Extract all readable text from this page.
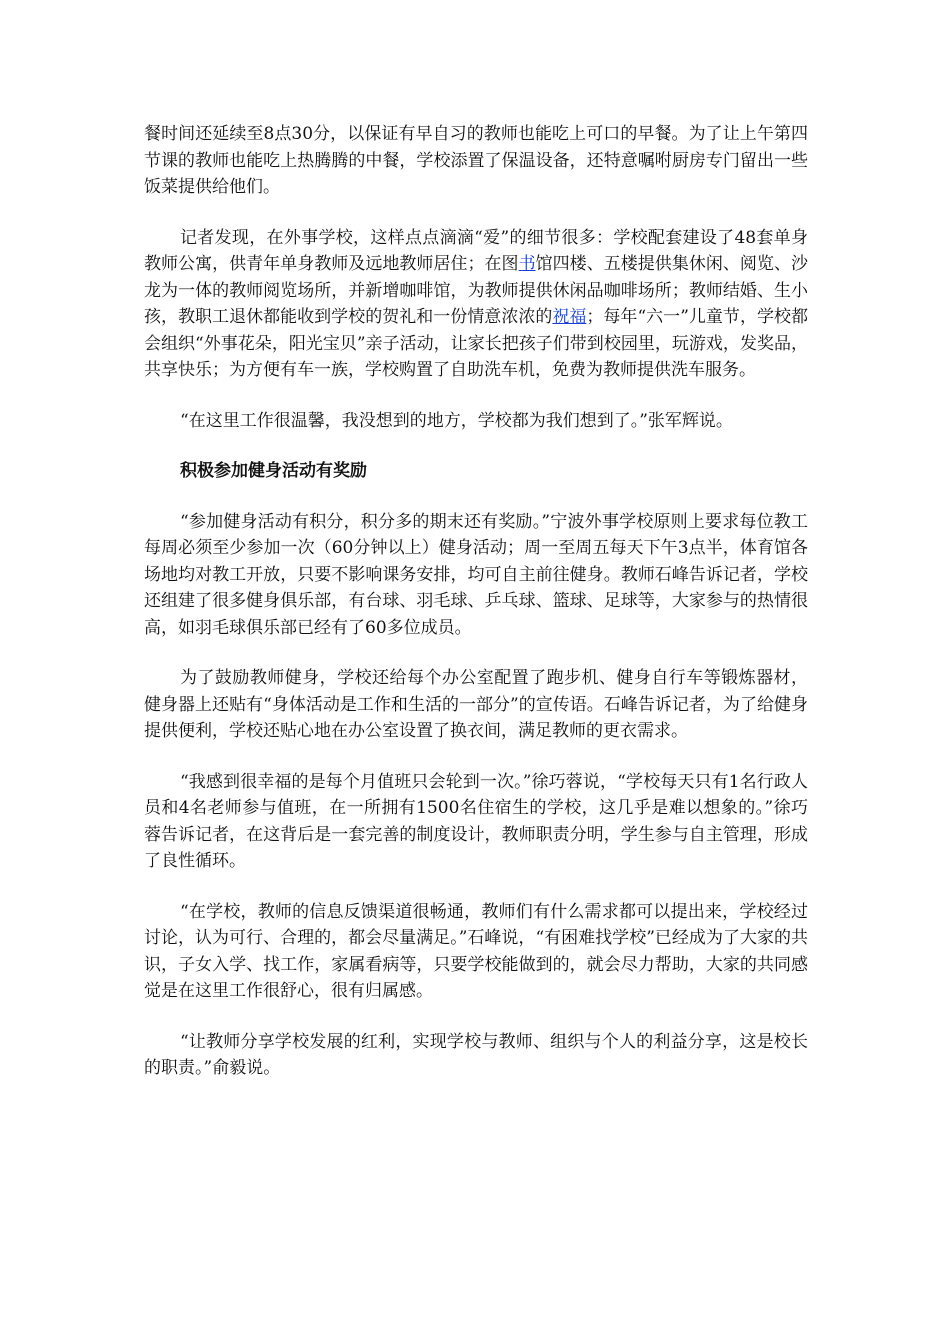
餐时间还延续至8点30分，以保证有早自习的教师也能吃上可口的早餐。为了让上午第四节课的教师也能吃上热腾腾的中餐，学校添置了保温设备，还特意嘱咐厨房专门留出一些饭菜提供给他们。

记者发现，在外事学校，这样点点滴滴“爱”的细节很多：学校配套建设了48套单身教师公寓，供青年单身教师及远地教师居住；在图书馆四楼、五楼提供集休闲、阅览、沙龙为一体的教师阅览场所，并新增咖啡馆，为教师提供休闲品咖啡场所；教师结婚、生小孩，教职工退休都能收到学校的贺礼和一份情意浓浓的祝福；每年“六一”儿童节，学校都会组织“外事花朵，阳光宝贝”亲子活动，让家长把孩子们带到校园里，玩游戏，发奖品，共享快乐；为方便有车一族，学校购置了自助洗车机，免费为教师提供洗车服务。

“在这里工作很温馨，我没想到的地方，学校都为我们想到了。”张军辉说。

积极参加健身活动有奖励

“参加健身活动有积分，积分多的期末还有奖励。”宁波外事学校原则上要求每位教工每周必须至少参加一次（60分钟以上）健身活动；周一至周五每天下午3点半，体育馆各场地均对教工开放，只要不影响课务安排，均可自主前往健身。教师石峰告诉记者，学校还组建了很多健身俱乐部，有台球、羽毛球、乒乓球、篮球、足球等，大家参与的热情很高，如羽毛球俱乐部已经有了60多位成员。

为了鼓励教师健身，学校还给每个办公室配置了跑步机、健身自行车等锻炼器材，健身器上还贴有“身体活动是工作和生活的一部分”的宣传语。石峰告诉记者，为了给健身提供便利，学校还贴心地在办公室设置了换衣间，满足教师的更衣需求。

“我感到很幸福的是每个月值班只会轮到一次。”徐巧蓉说，“学校每天只有1名行政人员和4名老师参与值班，在一所拥有1500名住宿生的学校，这几乎是难以想象的。”徐巧蓉告诉记者，在这背后是一套完善的制度设计，教师职责分明，学生参与自主管理，形成了良性循环。

“在学校，教师的信息反馈渠道很畅通，教师们有什么需求都可以提出来，学校经过讨论，认为可行、合理的，都会尽量满足。”石峰说，“有困难找学校”已经成为了大家的共识，子女入学、找工作，家属看病等，只要学校能做到的，就会尽力帮助，大家的共同感觉是在这里工作很舒心，很有归属感。

“让教师分享学校发展的红利，实现学校与教师、组织与个人的利益分享，这是校长的职责。”俞毅说。
